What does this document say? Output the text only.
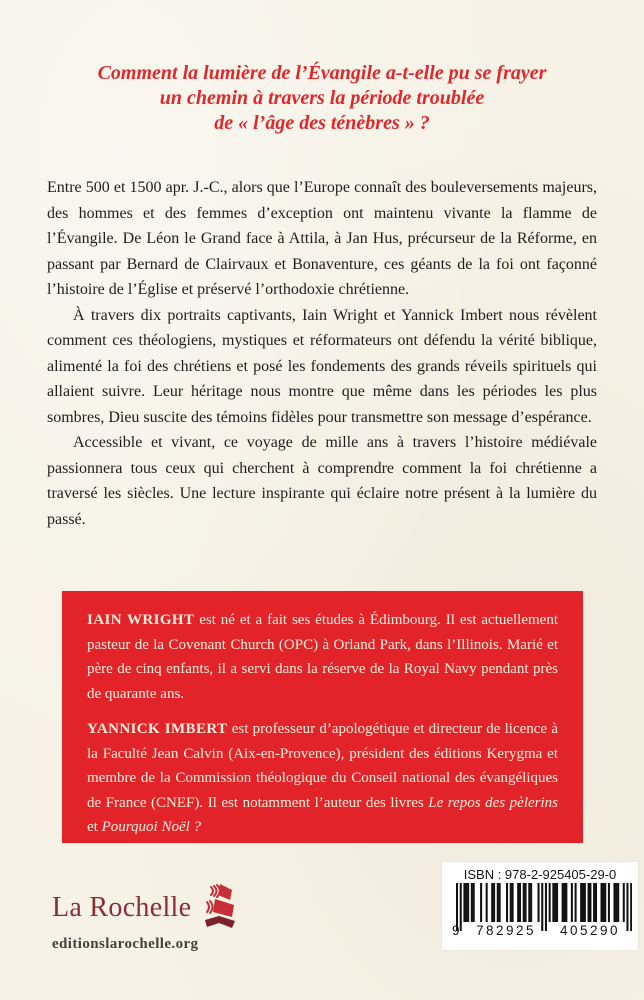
Comment la lumière de l’Évangile a-t-elle pu se frayer
un chemin à travers la période troublée
de « l’âge des ténèbres » ?

Entre 500 et 1500 apr. J.-C., alors que l’Europe connaît des bouleversements majeurs, des hommes et des femmes d’exception ont maintenu vivante la flamme de l’Évangile. De Léon le Grand face à Attila, à Jan Hus, précurseur de la Réforme, en passant par Bernard de Clairvaux et Bonaventure, ces géants de la foi ont façonné l’histoire de l’Église et préservé l’orthodoxie chrétienne.

À travers dix portraits captivants, Iain Wright et Yannick Imbert nous révèlent comment ces théologiens, mystiques et réformateurs ont défendu la vérité biblique, alimenté la foi des chrétiens et posé les fondements des grands réveils spirituels qui allaient suivre. Leur héritage nous montre que même dans les périodes les plus sombres, Dieu suscite des témoins fidèles pour transmettre son message d’espérance.

Accessible et vivant, ce voyage de mille ans à travers l’histoire médiévale passionnera tous ceux qui cherchent à comprendre comment la foi chrétienne a traversé les siècles. Une lecture inspirante qui éclaire notre présent à la lumière du passé.

IAIN WRIGHT est né et a fait ses études à Édimbourg. Il est actuellement pasteur de la Covenant Church (OPC) à Orland Park, dans l’Illinois. Marié et père de cinq enfants, il a servi dans la réserve de la Royal Navy pendant près de quarante ans.

YANNICK IMBERT est professeur d’apologétique et directeur de licence à la Faculté Jean Calvin (Aix-en-Provence), président des éditions Kerygma et membre de la Commission théologique du Conseil national des évangéliques de France (CNEF). Il est notamment l’auteur des livres Le repos des pèlerins et Pourquoi Noël ?

La Rochelle
editionslarochelle.org
ISBN : 978-2-925405-29-0
9	782925	405290
